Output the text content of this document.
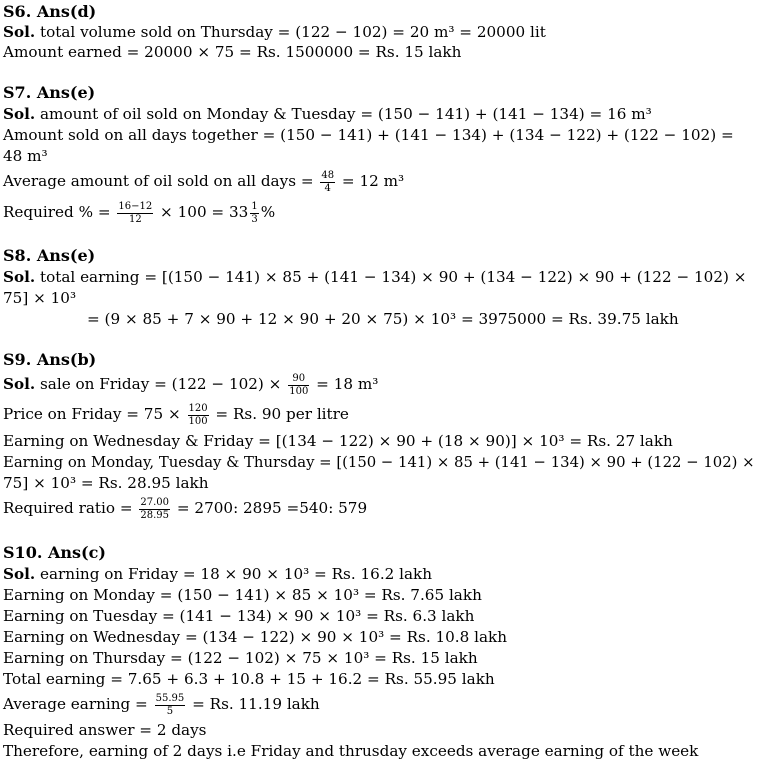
S6. Ans(d)
Sol. total volume sold on Thursday = (122 − 102) = 20 m³ = 20000 lit
Amount earned = 20000 × 75 = Rs. 1500000 = Rs. 15 lakh
S7. Ans(e)
Sol. amount of oil sold on Monday & Tuesday = (150 − 141) + (141 − 134) = 16 m³
Amount sold on all days together = (150 − 141) + (141 − 134) + (134 − 122) + (122 − 102) =
48 m³
Average amount of oil sold on all days = $\frac{48}{4} = 12$ m³
Required % = $\frac{16-12}{12} \times 100 = 33 \frac{1}{3}$ %
S8. Ans(e)
Sol. total earning = [(150 − 141) × 85 + (141 − 134) × 90 + (134 − 122) × 90 + (122 − 102) ×
75] × 10³
= (9 × 85 + 7 × 90 + 12 × 90 + 20 × 75) × 10³ = 3975000 = Rs. 39.75 lakh
S9. Ans(b)
Sol. sale on Friday = $(122 - 102) \times \frac{90}{100} = 18$ m³
Price on Friday = $75 \times \frac{120}{100} = Rs$. 90 per litre
Earning on Wednesday & Friday = [(134 − 122) × 90 + (18 × 90)] × 10³ = Rs. 27 lakh
Earning on Monday, Tuesday & Thursday = [(150 − 141) × 85 + (141 − 134) × 90 + (122 − 102) ×
75] × 10³ = Rs. 28.95 lakh
Required ratio = $\frac{27.00}{28.95} = 2700$: 2895 =540: 579
S10. Ans(c)
Sol. earning on Friday = 18 × 90 × 10³ = Rs. 16.2 lakh
Earning on Monday = (150 − 141) × 85 × 10³ = Rs. 7.65 lakh
Earning on Tuesday = (141 − 134) × 90 × 10³ = Rs. 6.3 lakh
Earning on Wednesday = (134 − 122) × 90 × 10³ = Rs. 10.8 lakh
Earning on Thursday = (122 − 102) × 75 × 10³ = Rs. 15 lakh
Total earning = 7.65 + 6.3 + 10.8 + 15 + 16.2 = Rs. 55.95 lakh
Average earning = $\frac{55.95}{5} = Rs$. 11.19 lakh
Required answer = 2 days
Therefore, earning of 2 days i.e Friday and thrusday exceeds average earning of the week
